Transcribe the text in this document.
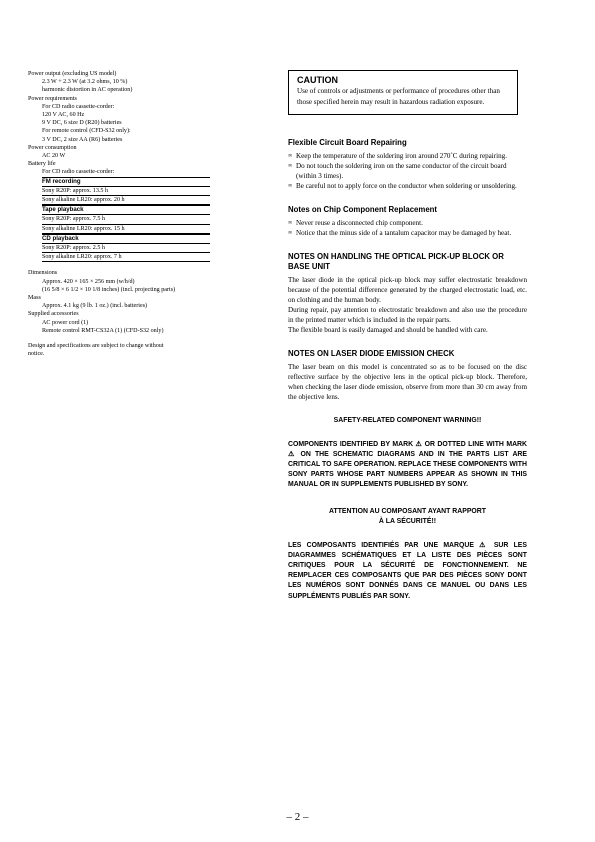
Power output (excluding US model)
2.3 W + 2.3 W (at 3.2 ohms, 10 %)
harmonic distortion in AC operation)
Power requirements
For CD radio cassette-corder:
120 V AC, 60 Hz
9 V DC, 6 size D (R20) batteries
For remote control (CFD-S32 only):
3 V DC, 2 size AA (R6) batteries
Power consumption
AC 20 W
Battery life
For CD radio cassette-corder:
FM recording
Sony R20P: approx. 13.5 h
Sony alkaline LR20: approx. 20 h
Tape playback
Sony R20P: approx. 7.5 h
Sony alkaline LR20: approx. 15 h
CD playback
Sony R20P: approx. 2.5 h
Sony alkaline LR20: approx. 7 h
Dimensions
Approx. 420 × 165 × 256 mm (w/h/d)
(16 5/8 × 6 1/2 × 10 1/8 inches) (incl. projecting parts)
Mass
Approx. 4.1 kg (9 lb. 1 oz.) (incl. batteries)
Supplied accessories
AC power cord (1)
Remote control RMT-CS32A (1) (CFD-S32 only)
Design and specifications are subject to change without
notice.
CAUTION
Use of controls or adjustments or performance of procedures other than those specified herein may result in hazardous radiation exposure.
Flexible Circuit Board Repairing
∞ Keep the temperature of the soldering iron around 270˚C during repairing.
∞ Do not touch the soldering iron on the same conductor of the circuit board (within 3 times).
∞ Be careful not to apply force on the conductor when soldering or unsoldering.
Notes on Chip Component Replacement
∞ Never reuse a disconnected chip component.
∞ Notice that the minus side of a tantalum capacitor may be damaged by heat.
NOTES ON HANDLING THE OPTICAL PICK-UP BLOCK OR BASE UNIT
The laser diode in the optical pick-up block may suffer electrostatic breakdown because of the potential difference generated by the charged electrostatic load, etc. on clothing and the human body.
During repair, pay attention to electrostatic breakdown and also use the procedure in the printed matter which is included in the repair parts.
The flexible board is easily damaged and should be handled with care.
NOTES ON LASER DIODE EMISSION CHECK
The laser beam on this model is concentrated so as to be focused on the disc reflective surface by the objective lens in the optical pick-up block. Therefore, when checking the laser diode emission, observe from more than 30 cm away from the objective lens.
SAFETY-RELATED COMPONENT WARNING!!
COMPONENTS IDENTIFIED BY MARK ⚠ OR DOTTED LINE WITH MARK ⚠ ON THE SCHEMATIC DIAGRAMS AND IN THE PARTS LIST ARE CRITICAL TO SAFE OPERATION. REPLACE THESE COMPONENTS WITH SONY PARTS WHOSE PART NUMBERS APPEAR AS SHOWN IN THIS MANUAL OR IN SUPPLEMENTS PUBLISHED BY SONY.
ATTENTION AU COMPOSANT AYANT RAPPORT
À LA SÉCURITÉ!!
LES COMPOSANTS IDENTIFIÉS PAR UNE MARQUE ⚠ SUR LES DIAGRAMMES SCHÉMATIQUES ET LA LISTE DES PIÈCES SONT CRITIQUES POUR LA SÉCURITÉ DE FONCTIONNEMENT. NE REMPLACER CES COMPOSANTS QUE PAR DES PIÈCES SONY DONT LES NUMÉROS SONT DONNÉS DANS CE MANUEL OU DANS LES SUPPLÉMENTS PUBLIÉS PAR SONY.
– 2 –
